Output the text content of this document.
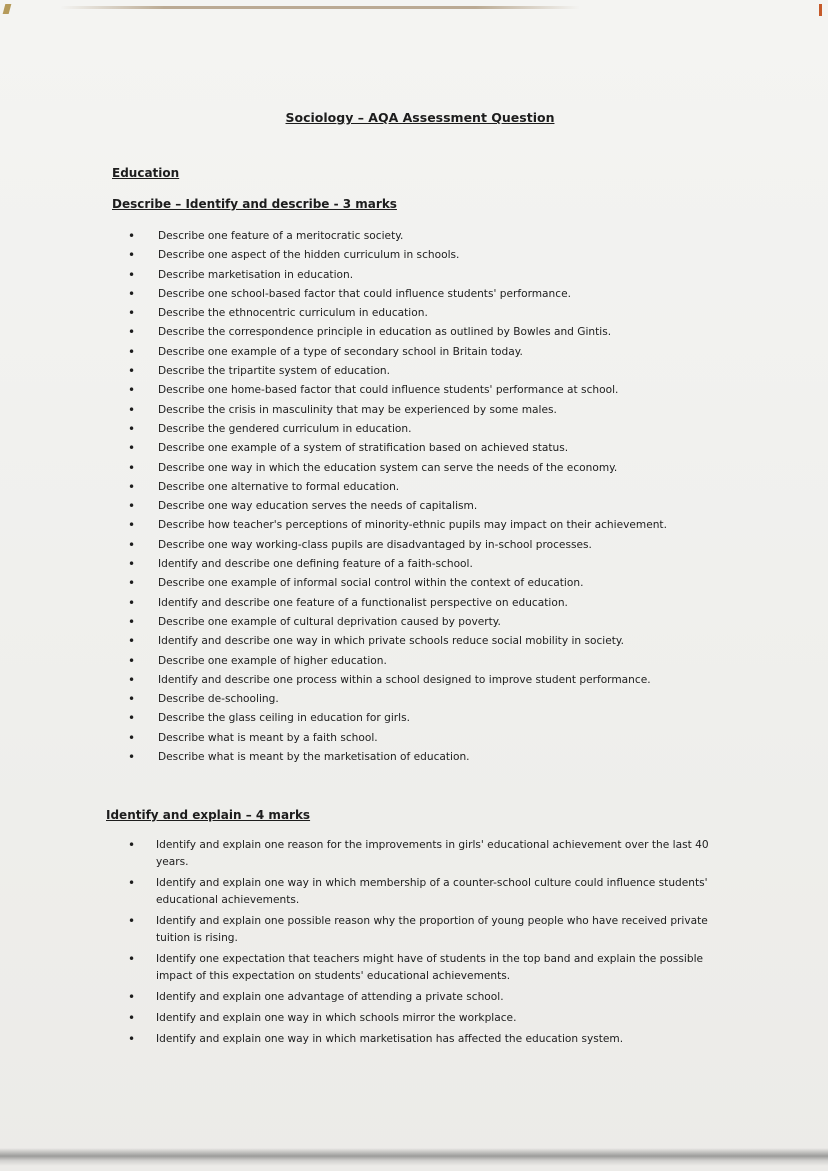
Sociology – AQA Assessment Question
Education
Describe – Identify and describe - 3 marks
•	Describe one feature of a meritocratic society.
•	Describe one aspect of the hidden curriculum in schools.
•	Describe marketisation in education.
•	Describe one school-based factor that could influence students' performance.
•	Describe the ethnocentric curriculum in education.
•	Describe the correspondence principle in education as outlined by Bowles and Gintis.
•	Describe one example of a type of secondary school in Britain today.
•	Describe the tripartite system of education.
•	Describe one home-based factor that could influence students' performance at school.
•	Describe the crisis in masculinity that may be experienced by some males.
•	Describe the gendered curriculum in education.
•	Describe one example of a system of stratification based on achieved status.
•	Describe one way in which the education system can serve the needs of the economy.
•	Describe one alternative to formal education.
•	Describe one way education serves the needs of capitalism.
•	Describe how teacher's perceptions of minority-ethnic pupils may impact on their achievement.
•	Describe one way working-class pupils are disadvantaged by in-school processes.
•	Identify and describe one defining feature of a faith-school.
•	Describe one example of informal social control within the context of education.
•	Identify and describe one feature of a functionalist perspective on education.
•	Describe one example of cultural deprivation caused by poverty.
•	Identify and describe one way in which private schools reduce social mobility in society.
•	Describe one example of higher education.
•	Identify and describe one process within a school designed to improve student performance.
•	Describe de-schooling.
•	Describe the glass ceiling in education for girls.
•	Describe what is meant by a faith school.
•	Describe what is meant by the marketisation of education.
Identify and explain – 4 marks
• Identify and explain one reason for the improvements in girls' educational achievement over the last 40 years.
• Identify and explain one way in which membership of a counter-school culture could influence students' educational achievements.
• Identify and explain one possible reason why the proportion of young people who have received private tuition is rising.
• Identify one expectation that teachers might have of students in the top band and explain the possible impact of this expectation on students' educational achievements.
• Identify and explain one advantage of attending a private school.
• Identify and explain one way in which schools mirror the workplace.
• Identify and explain one way in which marketisation has affected the education system.
